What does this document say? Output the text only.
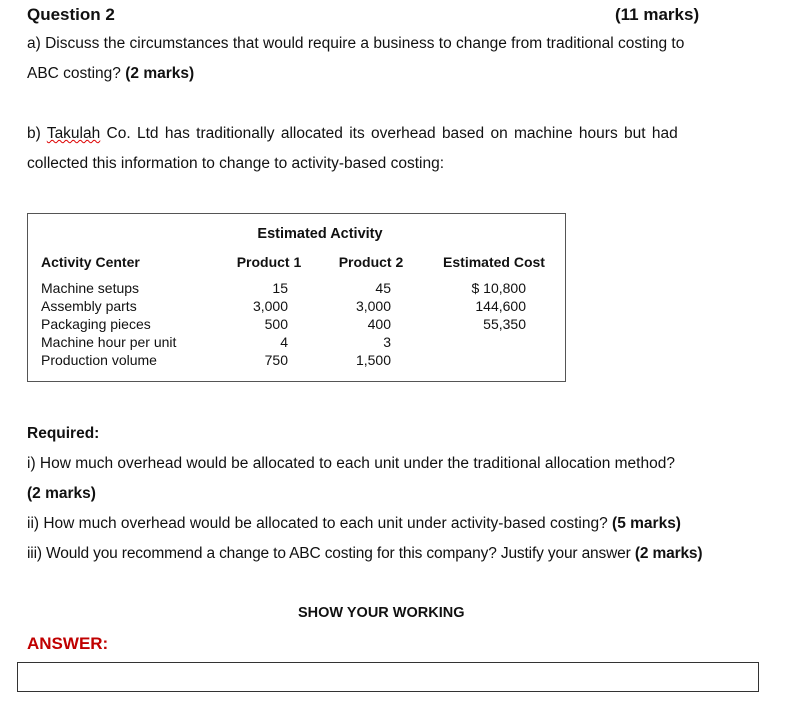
Question 2	(11 marks)
a) Discuss the circumstances that would require a business to change from traditional costing to
ABC costing? (2 marks)
b) Takulah Co. Ltd has traditionally allocated its overhead based on machine hours but had
collected this information to change to activity-based costing:
Estimated Activity
Activity Center	Product 1	Product 2	Estimated Cost
Machine setups	15	45	$ 10,800
Assembly parts	3,000	3,000	144,600
Packaging pieces	500	400	55,350
Machine hour per unit	4	3
Production volume	750	1,500
Required:
i) How much overhead would be allocated to each unit under the traditional allocation method?
(2 marks)
ii) How much overhead would be allocated to each unit under activity-based costing? (5 marks)
iii) Would you recommend a change to ABC costing for this company? Justify your answer (2 marks)
SHOW YOUR WORKING
ANSWER:
